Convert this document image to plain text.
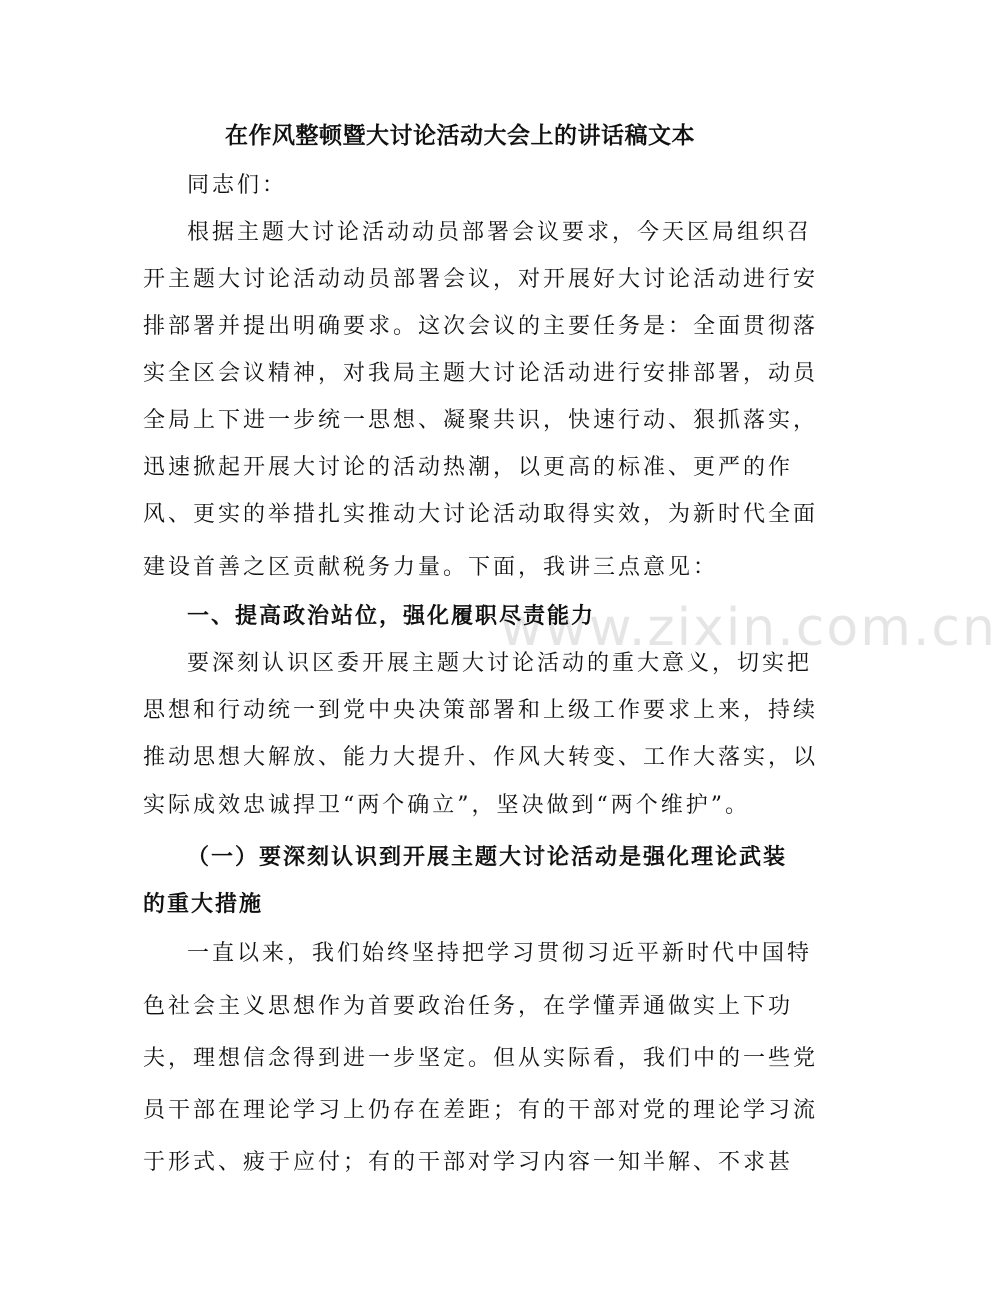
www.zixin.com.cn
在作风整顿暨大讨论活动大会上的讲话稿文本
同志们：
根据主题大讨论活动动员部署会议要求，今天区局组织召
开主题大讨论活动动员部署会议，对开展好大讨论活动进行安
排部署并提出明确要求。这次会议的主要任务是：全面贯彻落
实全区会议精神，对我局主题大讨论活动进行安排部署，动员
全局上下进一步统一思想、凝聚共识，快速行动、狠抓落实，
迅速掀起开展大讨论的活动热潮，以更高的标准、更严的作
风、更实的举措扎实推动大讨论活动取得实效，为新时代全面
建设首善之区贡献税务力量。下面，我讲三点意见：
一、提高政治站位，强化履职尽责能力
要深刻认识区委开展主题大讨论活动的重大意义，切实把
思想和行动统一到党中央决策部署和上级工作要求上来，持续
推动思想大解放、能力大提升、作风大转变、工作大落实，以
实际成效忠诚捍卫“两个确立”，坚决做到“两个维护”。
（一）要深刻认识到开展主题大讨论活动是强化理论武装
的重大措施
一直以来，我们始终坚持把学习贯彻习近平新时代中国特
色社会主义思想作为首要政治任务，在学懂弄通做实上下功
夫，理想信念得到进一步坚定。但从实际看，我们中的一些党
员干部在理论学习上仍存在差距；有的干部对党的理论学习流
于形式、疲于应付；有的干部对学习内容一知半解、不求甚
